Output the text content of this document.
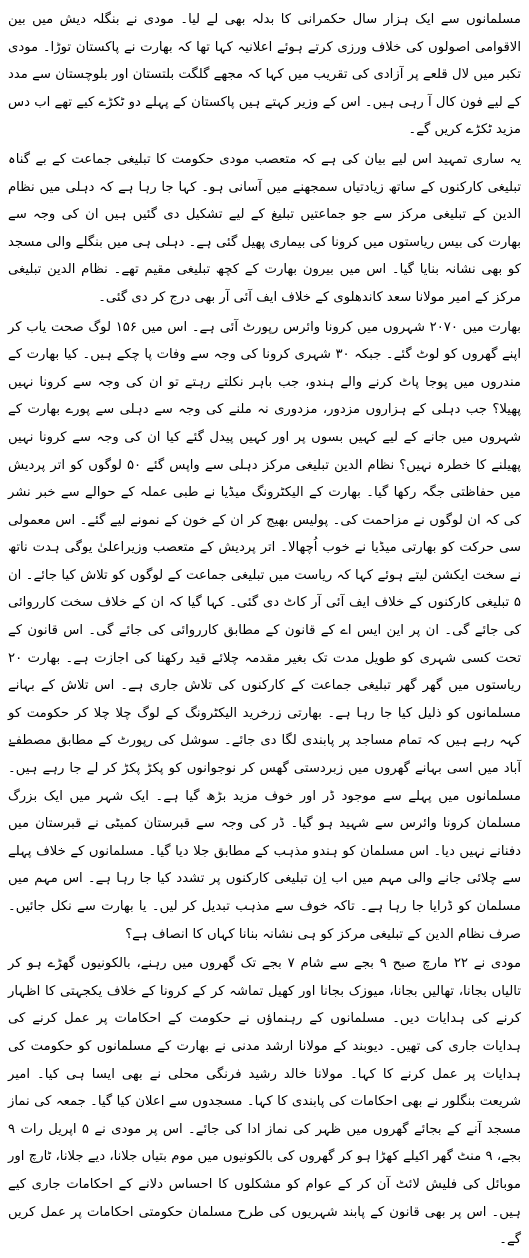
مسلمانوں سے ایک ہزار سال حکمرانی کا بدلہ بھی لے لیا۔ مودی نے بنگلہ دیش میں بین الاقوامی اصولوں کی خلاف ورزی کرتے ہوئے اعلانیہ کہا تھا کہ بھارت نے پاکستان توڑا۔ مودی تکبر میں لال قلعے پر آزادی کی تقریب میں کہا کہ مجھے گلگت بلتستان اور بلوچستان سے مدد کے لیے فون کال آ رہی ہیں۔ اس کے وزیر کہتے ہیں پاکستان کے پہلے دو ٹکڑے کیے تھے اب دس مزید ٹکڑے کریں گے۔

یہ ساری تمہید اس لیے بیان کی ہے کہ متعصب مودی حکومت کا تبلیغی جماعت کے بے گناہ تبلیغی کارکنوں کے ساتھ زیادتیاں سمجھنے میں آسانی ہو۔ کہا جا رہا ہے کہ دہلی میں نظام الدین کے تبلیغی مرکز سے جو جماعتیں تبلیغ کے لیے تشکیل دی گئیں ہیں ان کی وجہ سے بھارت کی بیس ریاستوں میں کرونا کی بیماری پھیل گئی ہے۔ دہلی ہی میں بنگلے والی مسجد کو بھی نشانہ بنایا گیا۔ اس میں بیرون بھارت کے کچھ تبلیغی مقیم تھے۔ نظام الدین تبلیغی مرکز کے امیر مولانا سعد کاندھلوی کے خلاف ایف آئی آر بھی درج کر دی گئی۔

بھارت میں ۲۰۷۰ شہروں میں کرونا وائرس رپورٹ آئی ہے۔ اس میں ۱۵۶ لوگ صحت یاب کر اپنے گھروں کو لوٹ گئے۔ جبکہ ۳۰ شہری کرونا کی وجہ سے وفات پا چکے ہیں۔ کیا بھارت کے مندروں میں پوجا پاٹ کرنے والے ہندو، جب باہر نکلتے رہتے تو ان کی وجہ سے کرونا نہیں پھیلا؟ جب دہلی کے ہزاروں مزدور، مزدوری نہ ملنے کی وجہ سے دہلی سے پورے بھارت کے شہروں میں جانے کے لیے کہیں بسوں پر اور کہیں پیدل گئے کیا ان کی وجہ سے کرونا نہیں پھیلنے کا خطرہ نہیں؟ نظام الدین تبلیغی مرکز دہلی سے واپس گئے ۵۰ لوگوں کو اتر پردیش میں حفاظتی جگہ رکھا گیا۔ بھارت کے الیکٹرونگ میڈیا نے طبی عملہ کے حوالے سے خبر نشر کی کہ ان لوگوں نے مزاحمت کی۔ پولیس بھیج کر ان کے خون کے نمونے لیے گئے۔ اس معمولی سی حرکت کو بھارتی میڈیا نے خوب اُچھالا۔ اتر پردیش کے متعصب وزیراعلیٰ یوگی ہدت ناتھ نے سخت ایکشن لیتے ہوئے کہا کہ ریاست میں تبلیغی جماعت کے لوگوں کو تلاش کیا جائے۔ ان ۵ تبلیغی کارکنوں کے خلاف ایف آئی آر کاٹ دی گئی۔ کہا گیا کہ ان کے خلاف سخت کارروائی کی جائے گی۔ ان پر این ایس اے کے قانون کے مطابق کارروائی کی جائے گی۔ اس قانون کے تحت کسی شہری کو طویل مدت تک بغیر مقدمہ چلائے قید رکھنا کی اجازت ہے۔ بھارت ۲۰ ریاستوں میں گھر گھر تبلیغی جماعت کے کارکنوں کی تلاش جاری ہے۔ اس تلاش کے بہانے مسلمانوں کو ذلیل کیا جا رہا ہے۔ بھارتی زرخرید الیکٹرونگ کے لوگ چلا چلا کر حکومت کو کہہ رہے ہیں کہ تمام مساجد پر پابندی لگا دی جائے۔ سوشل کی رپورٹ کے مطابق مصطفےٰ آباد میں اسی بہانے گھروں میں زبردستی گھس کر نوجوانوں کو پکڑ پکڑ کر لے جا رہے ہیں۔ مسلمانوں میں پہلے سے موجود ڈر اور خوف مزید بڑھ گیا ہے۔ ایک شہر میں ایک بزرگ مسلمان کرونا وائرس سے شہید ہو گیا۔ ڈر کی وجہ سے قبرستان کمیٹی نے قبرستان میں دفنانے نہیں دیا۔ اس مسلمان کو ہندو مذہب کے مطابق جلا دیا گیا۔ مسلمانوں کے خلاف پہلے سے چلائی جانے والی مہم میں اب اِن تبلیغی کارکنوں پر تشدد کیا جا رہا ہے۔ اس مہم میں مسلمان کو ڈرایا جا رہا ہے۔ تاکہ خوف سے مذہب تبدیل کر لیں۔ یا بھارت سے نکل جائیں۔ صرف نظام الدین کے تبلیغی مرکز کو ہی نشانہ بنانا کہاں کا انصاف ہے؟

مودی نے ۲۲ مارچ صبح ۹ بجے سے شام ۷ بجے تک گھروں میں رہنے، بالکونیوں گھڑے ہو کر تالیاں بجانا، تھالیں بجانا، میوزک بجانا اور کھیل تماشہ کر کے کرونا کے خلاف یکجہتی کا اظہار کرنے کی ہدایات دیں۔ مسلمانوں کے رہنماؤں نے حکومت کے احکامات پر عمل کرنے کی ہدایات جاری کی تھیں۔ دیوبند کے مولانا ارشد مدنی نے بھارت کے مسلمانوں کو حکومت کی ہدایات پر عمل کرنے کا کہا۔ مولانا خالد رشید فرنگی محلی نے بھی ایسا ہی کیا۔ امیر شریعت بنگلور نے بھی احکامات کی پابندی کا کہا۔ مسجدوں سے اعلان کیا گیا۔ جمعہ کی نماز مسجد آنے کے بجائے گھروں میں ظہر کی نماز ادا کی جائے۔ اس پر مودی نے ۵ اپریل رات ۹ بجے، ۹ منٹ گھر اکیلے کھڑا ہو کر گھروں کی بالکونیوں میں موم بتیاں جلانا، دیے جلانا، ٹارچ اور موبائل کی فلیش لائٹ آن کر کے عوام کو مشکلوں کا احساس دلانے کے احکامات جاری کیے ہیں۔ اس پر بھی قانون کے پابند شہریوں کی طرح مسلمان حکومتی احکامات پر عمل کریں گے۔
